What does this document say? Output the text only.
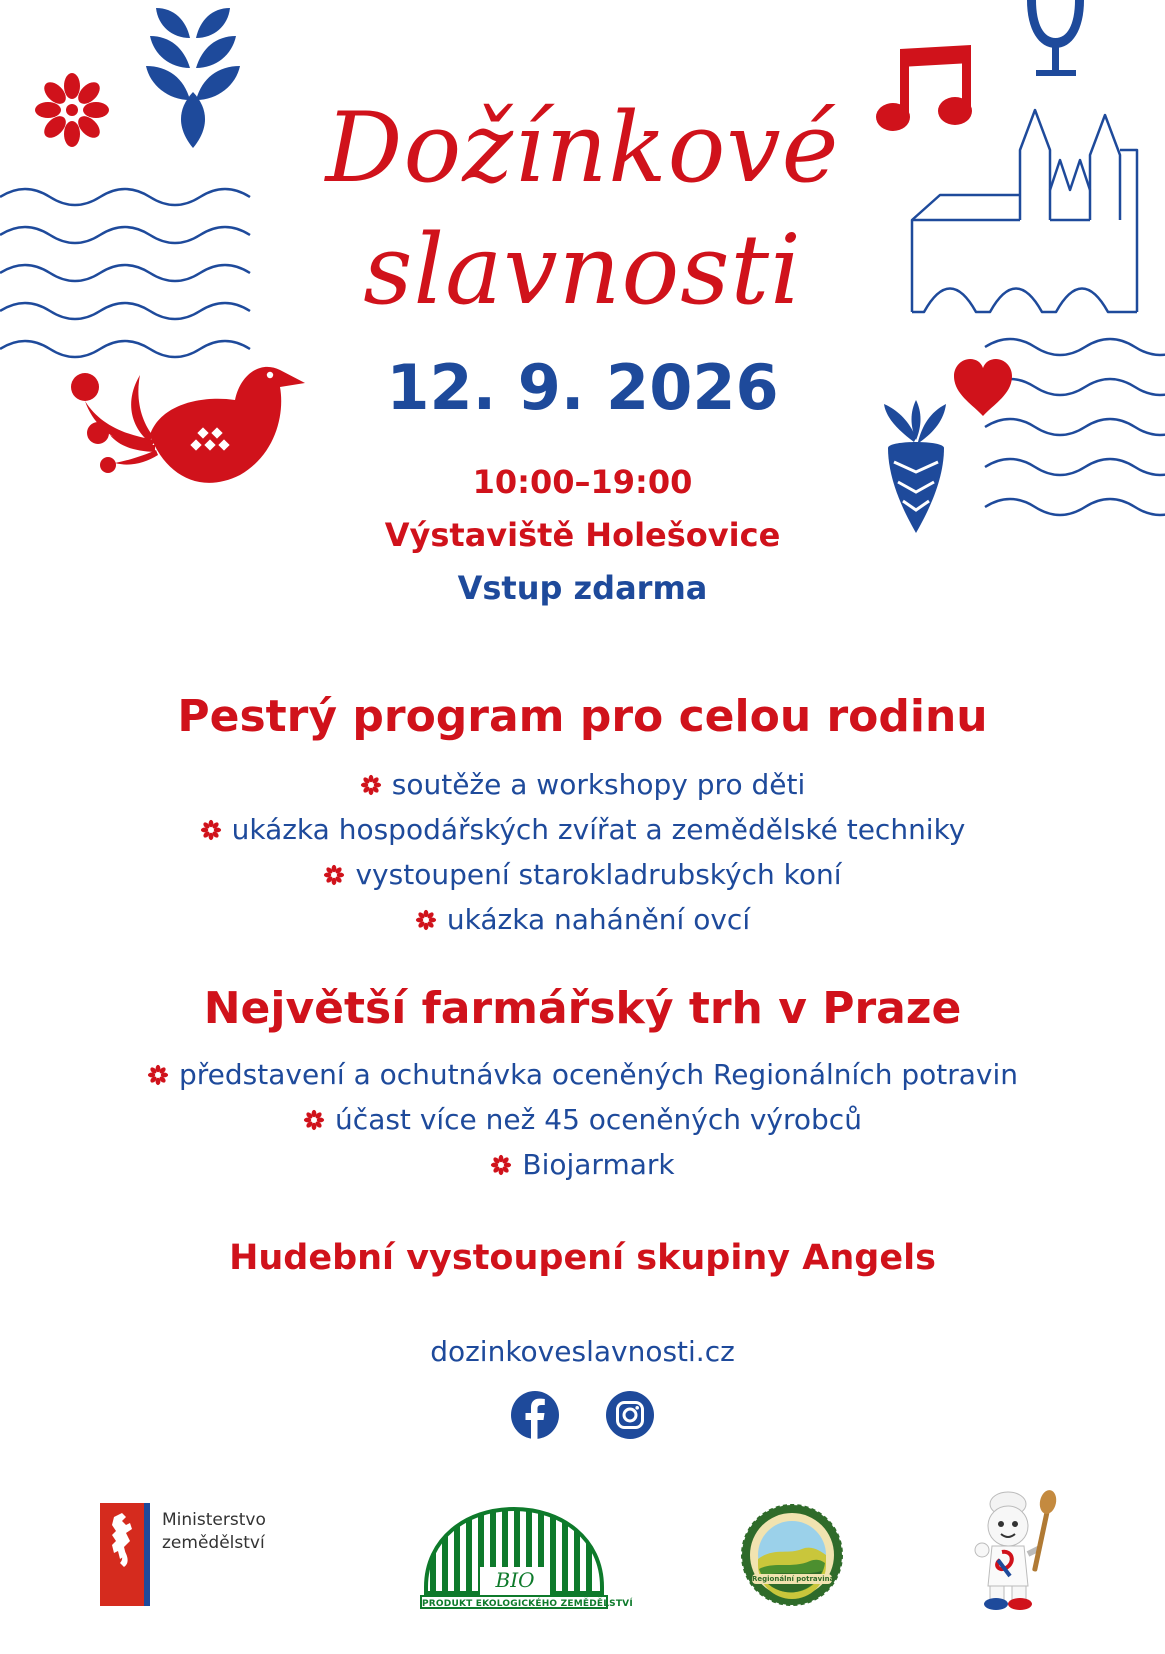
Dožínkové
slavnosti
12. 9. 2026
10:00–19:00
Výstaviště Holešovice
Vstup zdarma
Pestrý program pro celou rodinu
soutěže a workshopy pro děti
ukázka hospodářských zvířat a zemědělské techniky
vystoupení starokladrubských koní
ukázka nahánění ovcí
Největší farmářský trh v Praze
představení a ochutnávka oceněných Regionálních potravin
účast více než 45 oceněných výrobců
Biojarmark
Hudební vystoupení skupiny Angels
dozinkoveslavnosti.cz
Ministerstvo
zemědělství
BIO
PRODUKT EKOLOGICKÉHO ZEMĚDĚLSTVÍ
Regionální potravina
